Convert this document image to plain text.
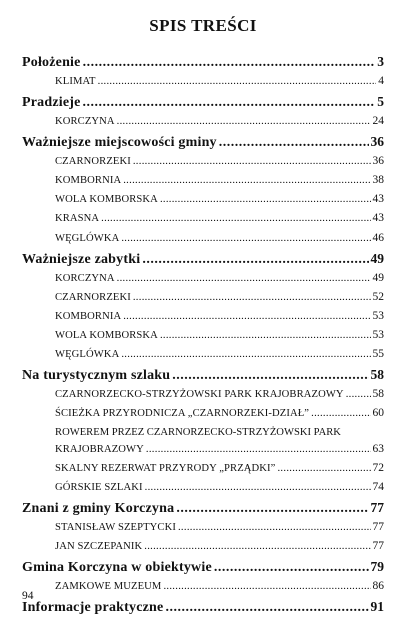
SPIS TREŚCI
Położenie .....	3
KLIMAT .....	4
Pradzieje .....	5
KORCZYNA .....	24
Ważniejsze miejscowości gminy .....	36
CZARNORZEKI .....	36
KOMBORNIA .....	38
WOLA KOMBORSKA .....	43
KRASNA .....	43
WĘGLÓWKA .....	46
Ważniejsze zabytki .....	49
KORCZYNA .....	49
CZARNORZEKI .....	52
KOMBORNIA .....	53
WOLA KOMBORSKA .....	53
WĘGLÓWKA .....	55
Na turystycznym szlaku .....	58
CZARNORZECKO-STRZYŻOWSKI PARK KRAJOBRAZOWY .....	58
ŚCIEŻKA PRZYRODNICZA „CZARNORZEKI-DZIAŁ” .....	60
ROWEREM PRZEZ CZARNORZECKO-STRZYŻOWSKI PARK
KRAJOBRAZOWY .....	63
SKALNY REZERWAT PRZYRODY „PRZĄDKI” .....	72
GÓRSKIE SZLAKI .....	74
Znani z gminy Korczyna .....	77
STANISŁAW SZEPTYCKI .....	77
JAN SZCZEPANIK .....	77
Gmina Korczyna w obiektywie .....	79
ZAMKOWE MUZEUM .....	86
Informacje praktyczne .....	91
94
